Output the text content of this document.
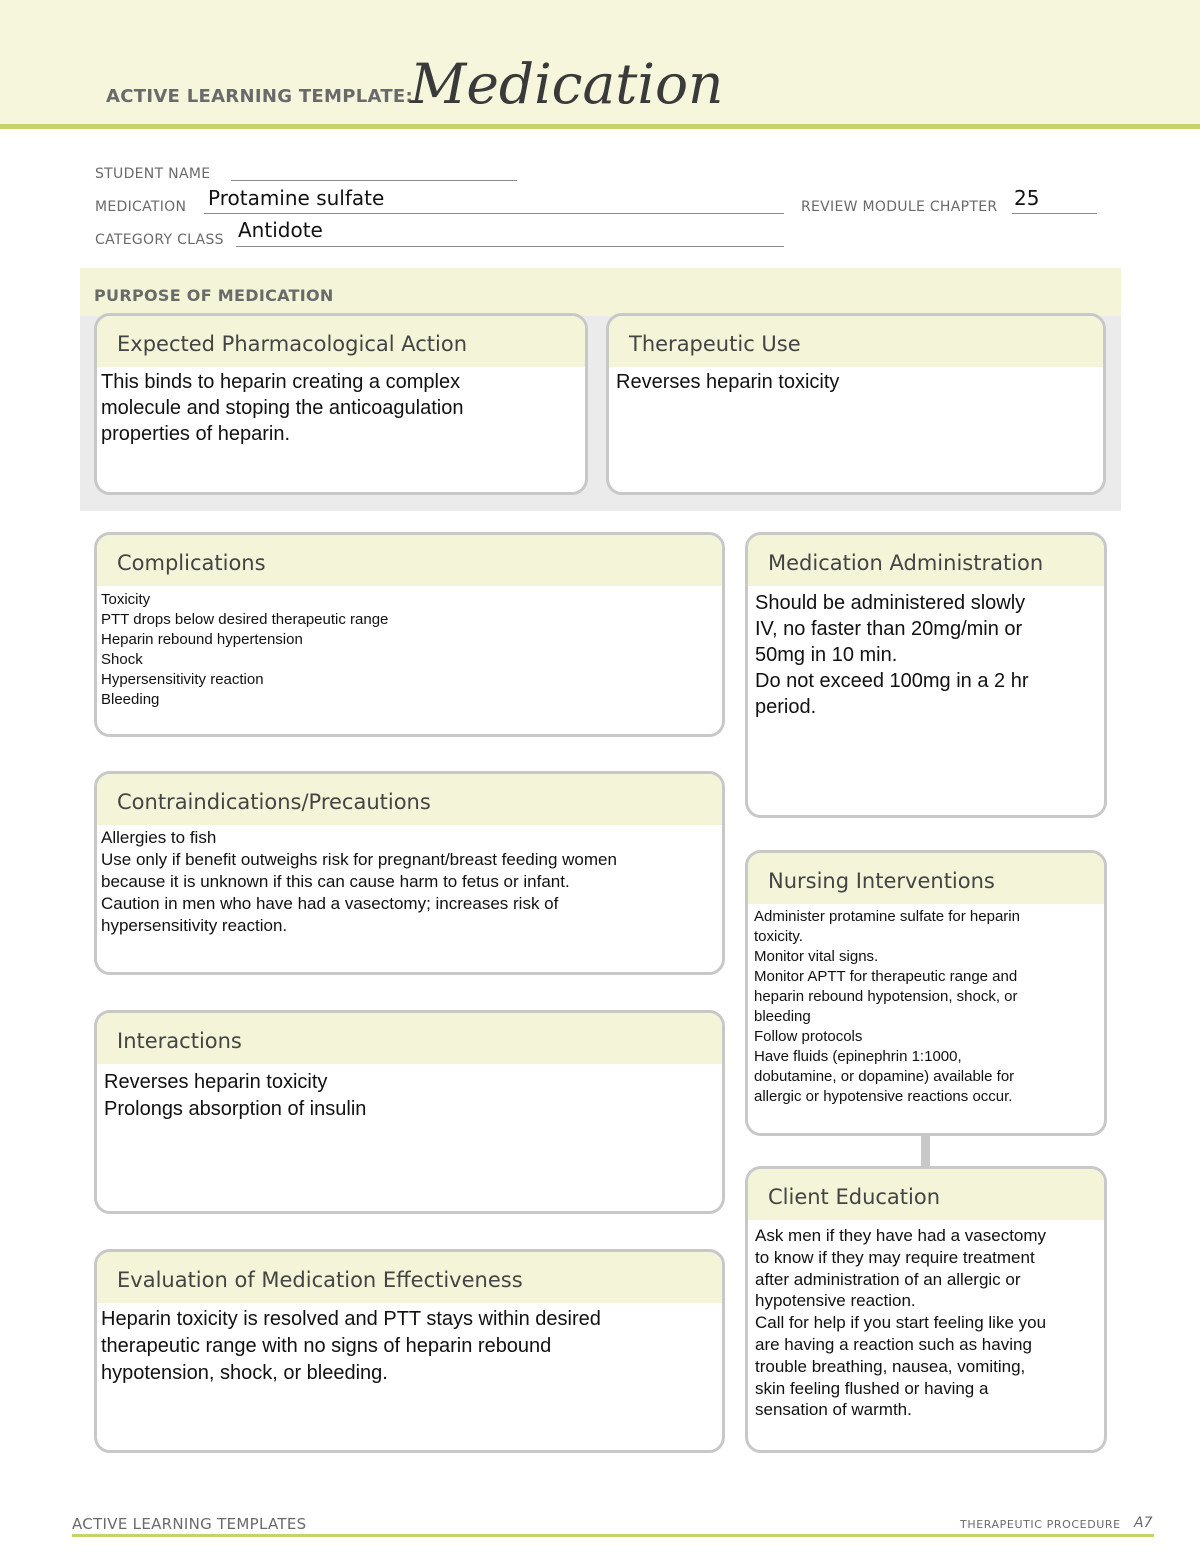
ACTIVE LEARNING TEMPLATE:
Medication
STUDENT NAME
MEDICATION Protamine sulfate	REVIEW MODULE CHAPTER 25
CATEGORY CLASS Antidote
PURPOSE OF MEDICATION
Expected Pharmacological Action
This binds to heparin creating a complex
molecule and stoping the anticoagulation
properties of heparin.
Therapeutic Use
Reverses heparin toxicity
Complications
Toxicity
PTT drops below desired therapeutic range
Heparin rebound hypertension
Shock
Hypersensitivity reaction
Bleeding
Contraindications/Precautions
Allergies to fish
Use only if benefit outweighs risk for pregnant/breast feeding women
because it is unknown if this can cause harm to fetus or infant.
Caution in men who have had a vasectomy; increases risk of
hypersensitivity reaction.
Interactions
Reverses heparin toxicity
Prolongs absorption of insulin
Evaluation of Medication Effectiveness
Heparin toxicity is resolved and PTT stays within desired
therapeutic range with no signs of heparin rebound
hypotension, shock, or bleeding.
Medication Administration
Should be administered slowly
IV, no faster than 20mg/min or
50mg in 10 min.
Do not exceed 100mg in a 2 hr
period.
Nursing Interventions
Administer protamine sulfate for heparin
toxicity.
Monitor vital signs.
Monitor APTT for therapeutic range and
heparin rebound hypotension, shock, or
bleeding
Follow protocols
Have fluids (epinephrin 1:1000,
dobutamine, or dopamine) available for
allergic or hypotensive reactions occur.
Client Education
Ask men if they have had a vasectomy
to know if they may require treatment
after administration of an allergic or
hypotensive reaction.
Call for help if you start feeling like you
are having a reaction such as having
trouble breathing, nausea, vomiting,
skin feeling flushed or having a
sensation of warmth.
ACTIVE LEARNING TEMPLATES	THERAPEUTIC PROCEDURE A7
